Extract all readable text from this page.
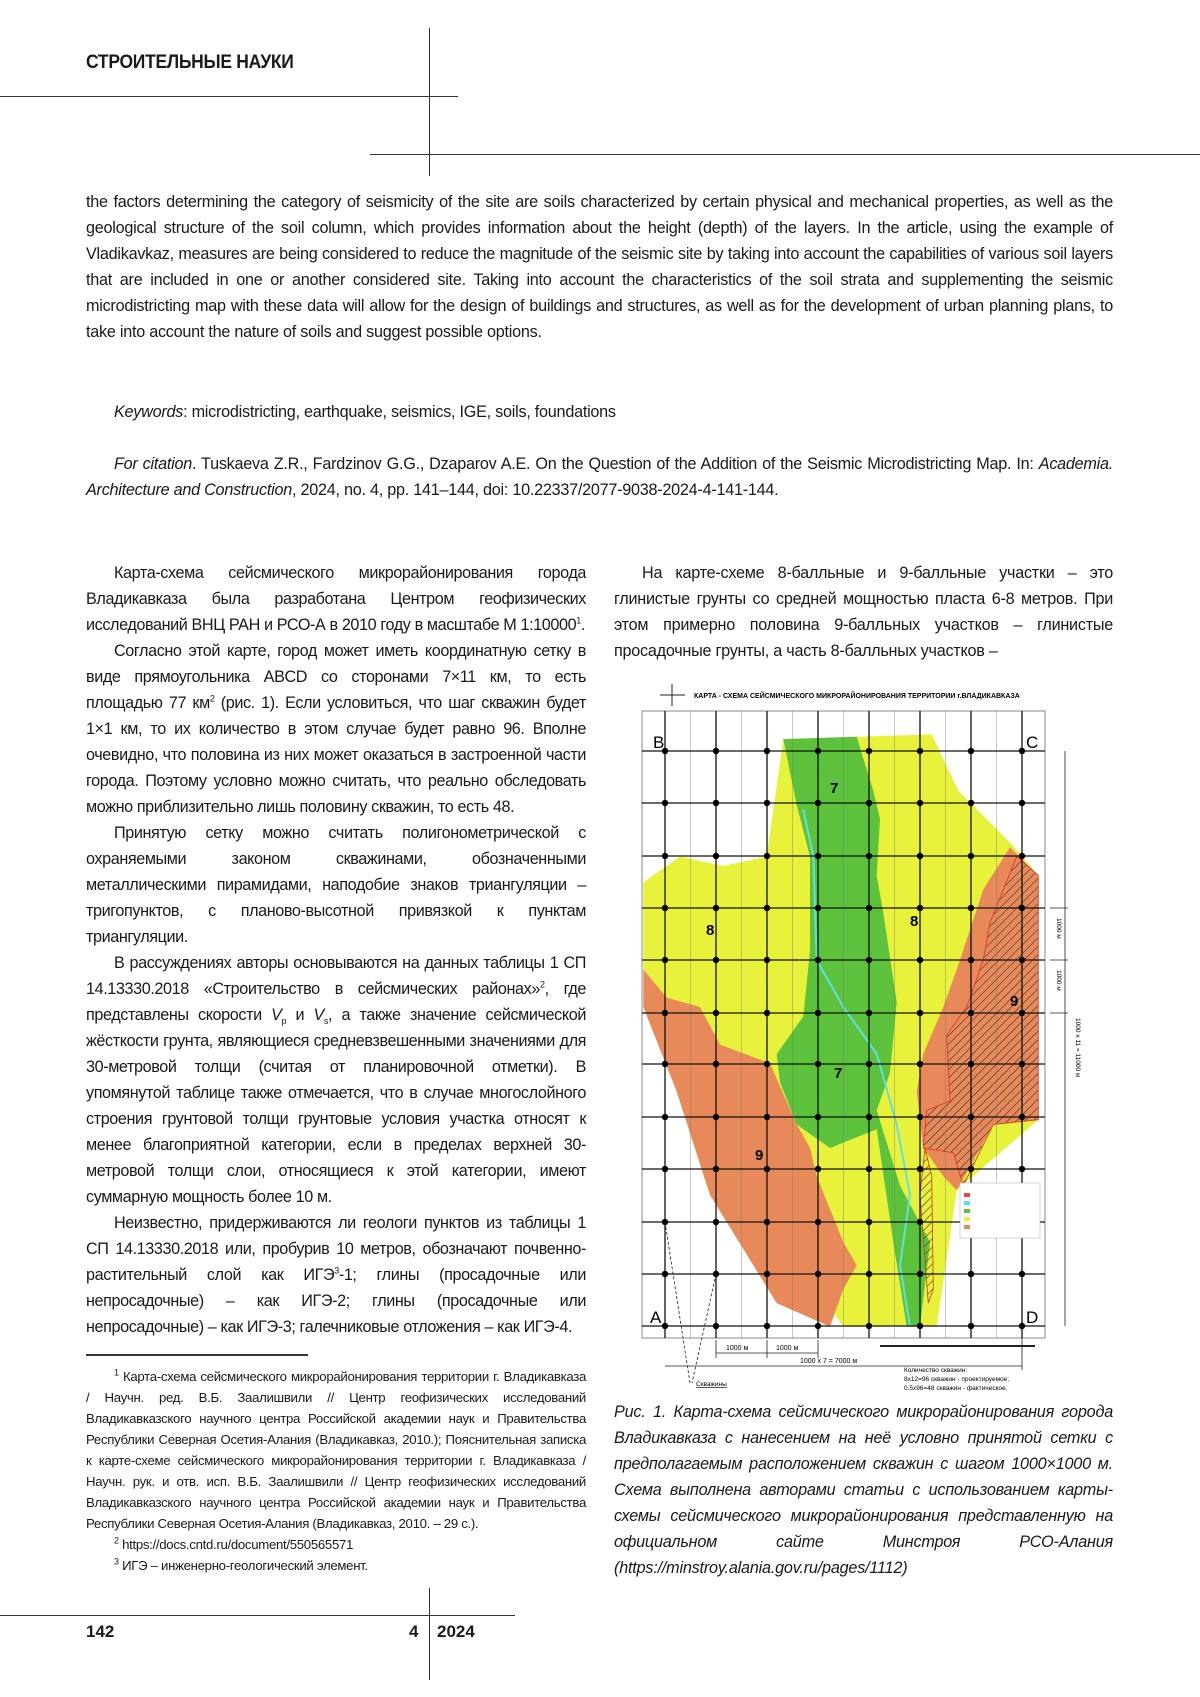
СТРОИТЕЛЬНЫЕ НАУКИ

the factors determining the category of seismicity of the site are soils characterized by certain physical and mechanical properties, as well as the geological structure of the soil column, which provides information about the height (depth) of the layers. In the article, using the example of Vladikavkaz, measures are being considered to reduce the magnitude of the seismic site by taking into account the capabilities of various soil layers that are included in one or another considered site. Taking into account the characteristics of the soil strata and supplementing the seismic microdistricting map with these data will allow for the design of buildings and structures, as well as for the development of urban planning plans, to take into account the nature of soils and suggest possible options.

Keywords: microdistricting, earthquake, seismics, IGE, soils, foundations

For citation. Tuskaeva Z.R., Fardzinov G.G., Dzaparov A.E. On the Question of the Addition of the Seismic Microdistricting Map. In: Academia. Architecture and Construction, 2024, no. 4, pp. 141–144, doi: 10.22337/2077-9038-2024-4-141-144.

Карта-схема сейсмического микрорайонирования города Владикавказа была разработана Центром геофизических исследований ВНЦ РАН и РСО-А в 2010 году в масштабе М 1:100001.

Согласно этой карте, город может иметь координатную сетку в виде прямоугольника ABCD со сторонами 7×11 км, то есть площадью 77 км2 (рис. 1). Если условиться, что шаг скважин будет 1×1 км, то их количество в этом случае будет равно 96. Вполне очевидно, что половина из них может оказаться в застроенной части города. Поэтому условно можно считать, что реально обследовать можно приблизительно лишь половину скважин, то есть 48.

Принятую сетку можно считать полигонометрической с охраняемыми законом скважинами, обозначенными металлическими пирамидами, наподобие знаков триангуляции – тригопунктов, с планово-высотной привязкой к пунктам триангуляции.

В рассуждениях авторы основываются на данных таблицы 1 СП 14.13330.2018 «Строительство в сейсмических районах»2, где представлены скорости Vp и Vs, а также значение сейсмической жёсткости грунта, являющиеся средневзвешенными значениями для 30-метровой толщи (считая от планировочной отметки). В упомянутой таблице также отмечается, что в случае многослойного строения грунтовой толщи грунтовые условия участка относят к менее благоприятной категории, если в пределах верхней 30-метровой толщи слои, относящиеся к этой категории, имеют суммарную мощность более 10 м.

Неизвестно, придерживаются ли геологи пунктов из таблицы 1 СП 14.13330.2018 или, пробурив 10 метров, обозначают почвенно-растительный слой как ИГЭ3-1; глины (просадочные или непросадочные) – как ИГЭ-2; глины (просадочные или непросадочные) – как ИГЭ-3; галечниковые отложения – как ИГЭ-4.

1 Карта-схема сейсмического микрорайонирования территории г. Владикавказа / Научн. ред. В.Б. Заалишвили // Центр геофизических исследований Владикавказского научного центра Российской академии наук и Правительства Республики Северная Осетия-Алания (Владикавказ, 2010.); Пояснительная записка к карте-схеме сейсмического микрорайонирования территории г. Владикавказа / Научн. рук. и отв. исп. В.Б. Заалишвили // Центр геофизических исследований Владикавказского научного центра Российской академии наук и Правительства Республики Северная Осетия-Алания (Владикавказ, 2010. – 29 с.).

2 https://docs.cntd.ru/document/550565571

3 ИГЭ – инженерно-геологический элемент.

На карте-схеме 8-балльные и 9-балльные участки – это глинистые грунты со средней мощностью пласта 6-8 метров. При этом примерно половина 9-балльных участков – глинистые просадочные грунты, а часть 8-балльных участков –

КАРТА - СХЕМА СЕЙСМИЧЕСКОГО МИКРОРАЙОНИРОВАНИЯ ТЕРРИТОРИИ г.ВЛАДИКАВКАЗА
B	C
A	D
7
7
8
8
9
9
1000 м	1000 м
1000 х 7 = 7000 м
Скважины
Количество скважин:
8х12=96 скважин - проектируемое;
0.5х96=48 скважин - фактическое.
1000 м
1000 м
1000 х 11 = 11000 м

Рис. 1. Карта-схема сейсмического микрорайонирования города Владикавказа с нанесением на неё условно принятой сетки с предполагаемым расположением скважин с шагом 1000×1000 м. Схема выполнена авторами статьи с использованием карты-схемы сейсмического микрорайонирования представленную на официальном сайте Минстроя РСО-Алания (https://minstroy.alania.gov.ru/pages/1112)

142	4 2024
